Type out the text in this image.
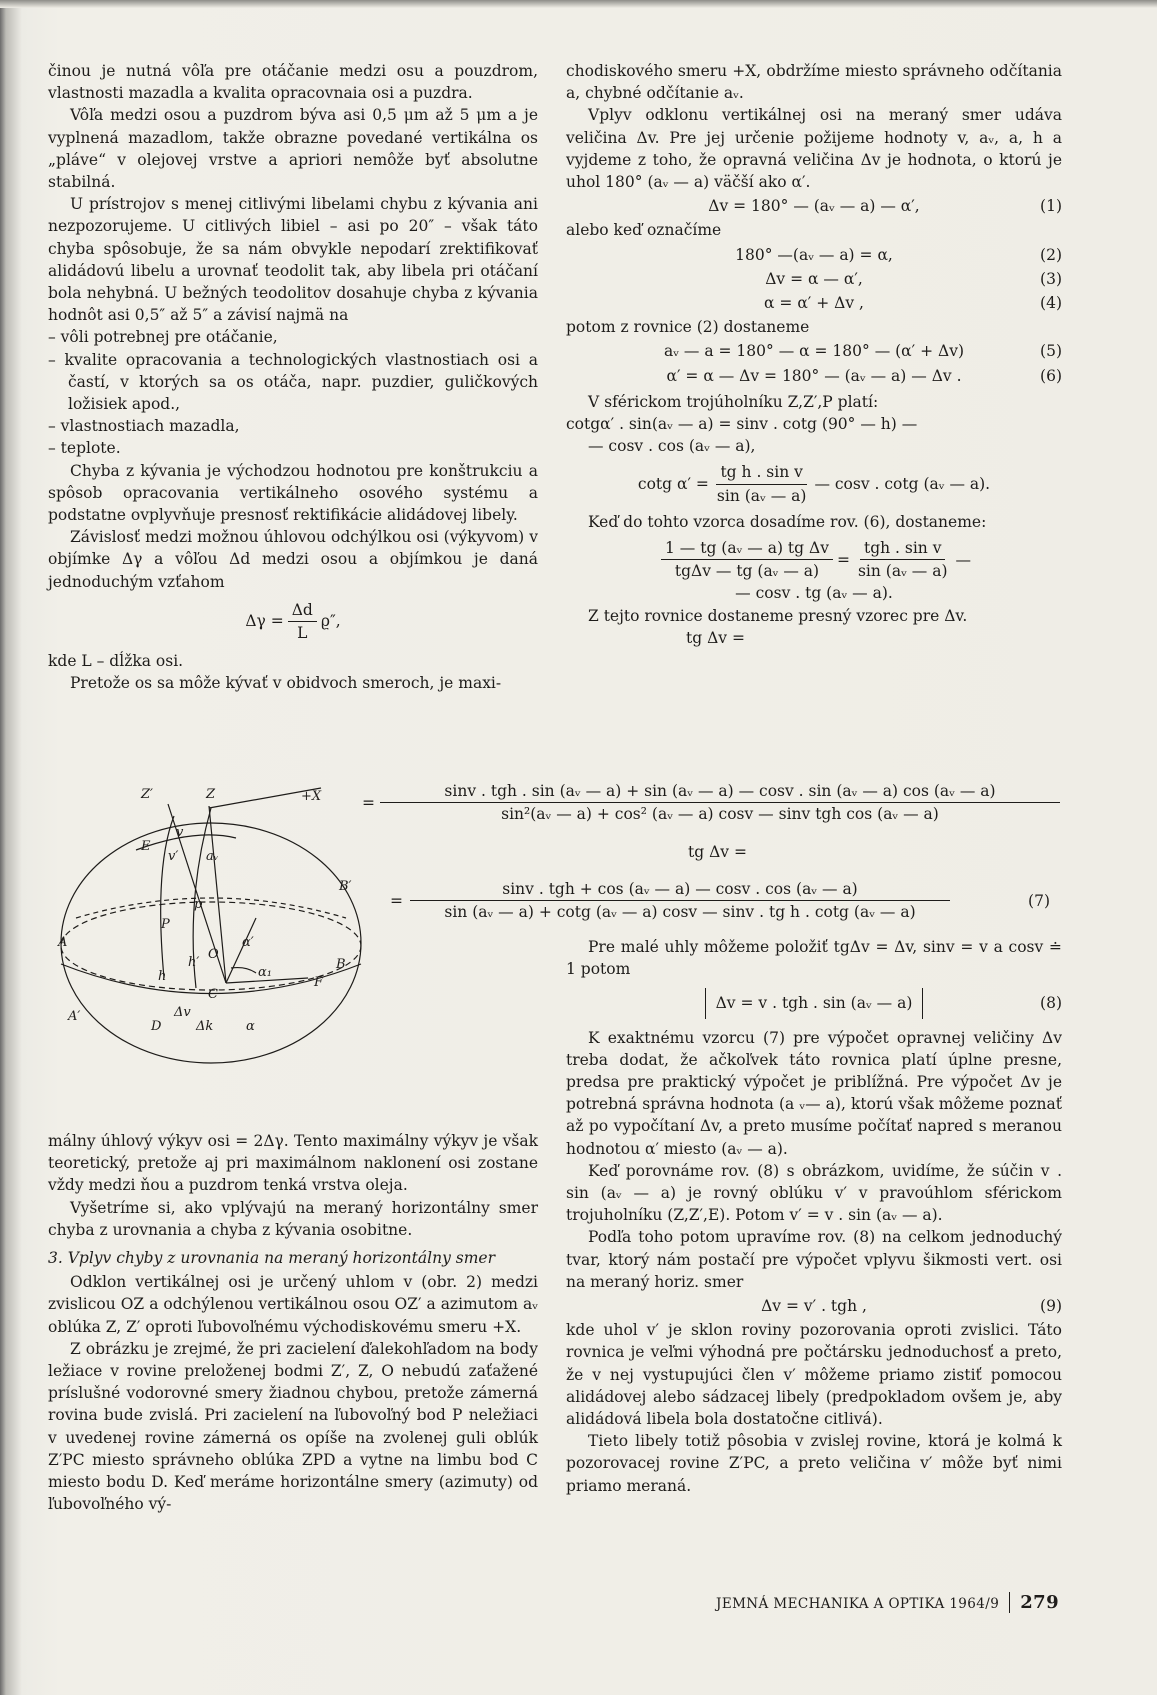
činou je nutná vôľa pre otáčanie medzi osu a pouzdrom, vlastnosti mazadla a kvalita opracovnaia osi a puzdra.

Vôľa medzi osou a puzdrom býva asi 0,5 μm až 5 μm a je vyplnená mazadlom, takže obrazne povedané vertikálna os „pláve“ v olejovej vrstve a apriori nemôže byť absolutne stabilná.

U prístrojov s menej citlivými libelami chybu z kývania ani nezpozorujeme. U citlivých libiel – asi po 20″ – však táto chyba spôsobuje, že sa nám obvykle nepodarí zrektifikovať alidádovú libelu a urovnať teodolit tak, aby libela pri otáčaní bola nehybná. U bežných teodolitov dosahuje chyba z kývania hodnôt asi 0,5″ až 5″ a závisí najmä na

– vôli potrebnej pre otáčanie,

– kvalite opracovania a technologických vlastnostiach osi a častí, v ktorých sa os otáča, napr. puzdier, guličkových ložisiek apod.,

– vlastnostiach mazadla,

– teplote.

Chyba z kývania je východzou hodnotou pre konštrukciu a spôsob opracovania vertikálneho osového systému a podstatne ovplyvňuje presnosť rektifikácie alidádovej libely.

Závislosť medzi možnou úhlovou odchýlkou osi (výkyvom) v objímke Δγ a vôľou Δd medzi osou a objímkou je daná jednoduchým vzťahom

$\Delta\gamma = \frac{\Delta d}{L} ϱ''$,

kde L – dĺžka osi.

Pretože os sa môže kývať v obidvoch smeroch, je maxi-

Z′	Z	+X
v
E
v′ aᵥ
B′
B
A
A′
P
p
h
h′
O
α′
α₁
C
D
Δv
Δk
F
α

málny úhlový výkyv osi = 2Δγ. Tento maximálny výkyv je však teoretický, pretože aj pri maximálnom naklonení osi zostane vždy medzi ňou a puzdrom tenká vrstva oleja.

Vyšetríme si, ako vplývajú na meraný horizontálny smer chyba z urovnania a chyba z kývania osobitne.

3. Vplyv chyby z urovnania na meraný horizontálny smer

Odklon vertikálnej osi je určený uhlom v (obr. 2) medzi zvislicou OZ a odchýlenou vertikálnou osou OZ′ a azimutom aᵥ oblúka Z, Z′ oproti ľubovoľnému východiskovému smeru +X.

Z obrázku je zrejmé, že pri zacielení ďalekohľadom na body ležiace v rovine preloženej bodmi Z′, Z, O nebudú zaťažené príslušné vodorovné smery žiadnou chybou, pretože zámerná rovina bude zvislá. Pri zacielení na ľubovoľný bod P neležiaci v uvedenej rovine zámerná os opíše na zvolenej guli oblúk Z′PC miesto správneho oblúka ZPD a vytne na limbu bod C miesto bodu D. Keď meráme horizontálne smery (azimuty) od ľubovoľného vý-

chodiskového smeru +X, obdržíme miesto správneho odčítania a, chybné odčítanie aᵥ.

Vplyv odklonu vertikálnej osi na meraný smer udáva veličina Δv. Pre jej určenie požijeme hodnoty v, aᵥ, a, h a vyjdeme z toho, že opravná veličina Δv je hodnota, o ktorú je uhol 180° (aᵥ — a) väčší ako α′.

Δv = 180° — (aᵥ — a) — α′,	(1)

alebo keď označíme

180° —(aᵥ — a) = α,	(2)
Δv = α — α′,	(3)
α = α′ + Δv ,	(4)

potom z rovnice (2) dostaneme

aᵥ — a = 180° — α = 180° — (α′ + Δv)	(5)
α′ = α — Δv = 180° — (aᵥ — a) — Δv .	(6)

V sférickom trojúholníku Z,Z′,P platí:

cotgα′ . sin(aᵥ — a) = sinv . cotg (90° — h) —

— cosv . cos (aᵥ — a),

cotg $\alpha' = \frac{\text{tg h . sin v}}{\text{sin (aᵥ — a)}}$ — cosv . cotg (aᵥ — a).

Keď do tohto vzorca dosadíme rov. (6), dostaneme:

$\frac{\text{1 — tg (aᵥ — a) tg Δv}}{\text{tgΔv — tg (aᵥ — a)}} = \frac{\text{tgh . sin v}}{\text{sin (aᵥ — a)}}$ —
— cosv . tg (aᵥ — a).

Z tejto rovnice dostaneme presný vzorec pre Δv.

tg Δv =
=
sinv . tgh . sin (aᵥ — a) + sin (aᵥ — a) — cosv . sin (aᵥ — a) cos (aᵥ — a)
sin²(aᵥ — a) + cos² (aᵥ — a) cosv — sinv tgh cos (aᵥ — a)
tg Δv =
=
sinv . tgh + cos (aᵥ — a) — cosv . cos (aᵥ — a)
sin (aᵥ — a) + cotg (aᵥ — a) cosv — sinv . tg h . cotg (aᵥ — a)
(7)

Pre malé uhly môžeme položiť tgΔv = Δv, sinv = v a cosv ≐ 1 potom

Δv = v . tgh . sin (aᵥ — a)	(8)

K exaktnému vzorcu (7) pre výpočet opravnej veličiny Δv treba dodat, že ačkoľvek táto rovnica platí úplne presne, predsa pre praktický výpočet je priblížná. Pre výpočet Δv je potrebná správna hodnota (a ᵥ— a), ktorú však môžeme poznať až po vypočítaní Δv, a preto musíme počítať napred s meranou hodnotou α′ miesto (aᵥ — a).

Keď porovnáme rov. (8) s obrázkom, uvidíme, že súčin v . sin (aᵥ — a) je rovný oblúku v′ v pravoúhlom sférickom trojuholníku (Z,Z′,E). Potom v′ = v . sin (aᵥ — a).

Podľa toho potom upravíme rov. (8) na celkom jednoduchý tvar, ktorý nám postačí pre výpočet vplyvu šikmosti vert. osi na meraný horiz. smer

Δv = v′ . tgh ,	(9)

kde uhol v′ je sklon roviny pozorovania oproti zvislici. Táto rovnica je veľmi výhodná pre počtársku jednoduchosť a preto, že v nej vystupujúci člen v′ môžeme priamo zistiť pomocou alidádovej alebo sádzacej libely (predpokladom ovšem je, aby alidádová libela bola dostatočne citlivá).

Tieto libely totiž pôsobia v zvislej rovine, ktorá je kolmá k pozorovacej rovine Z′PC, a preto veličina v′ môže byť nimi priamo meraná.

JEMNÁ MECHANIKA A OPTIKA 1964/9 279
